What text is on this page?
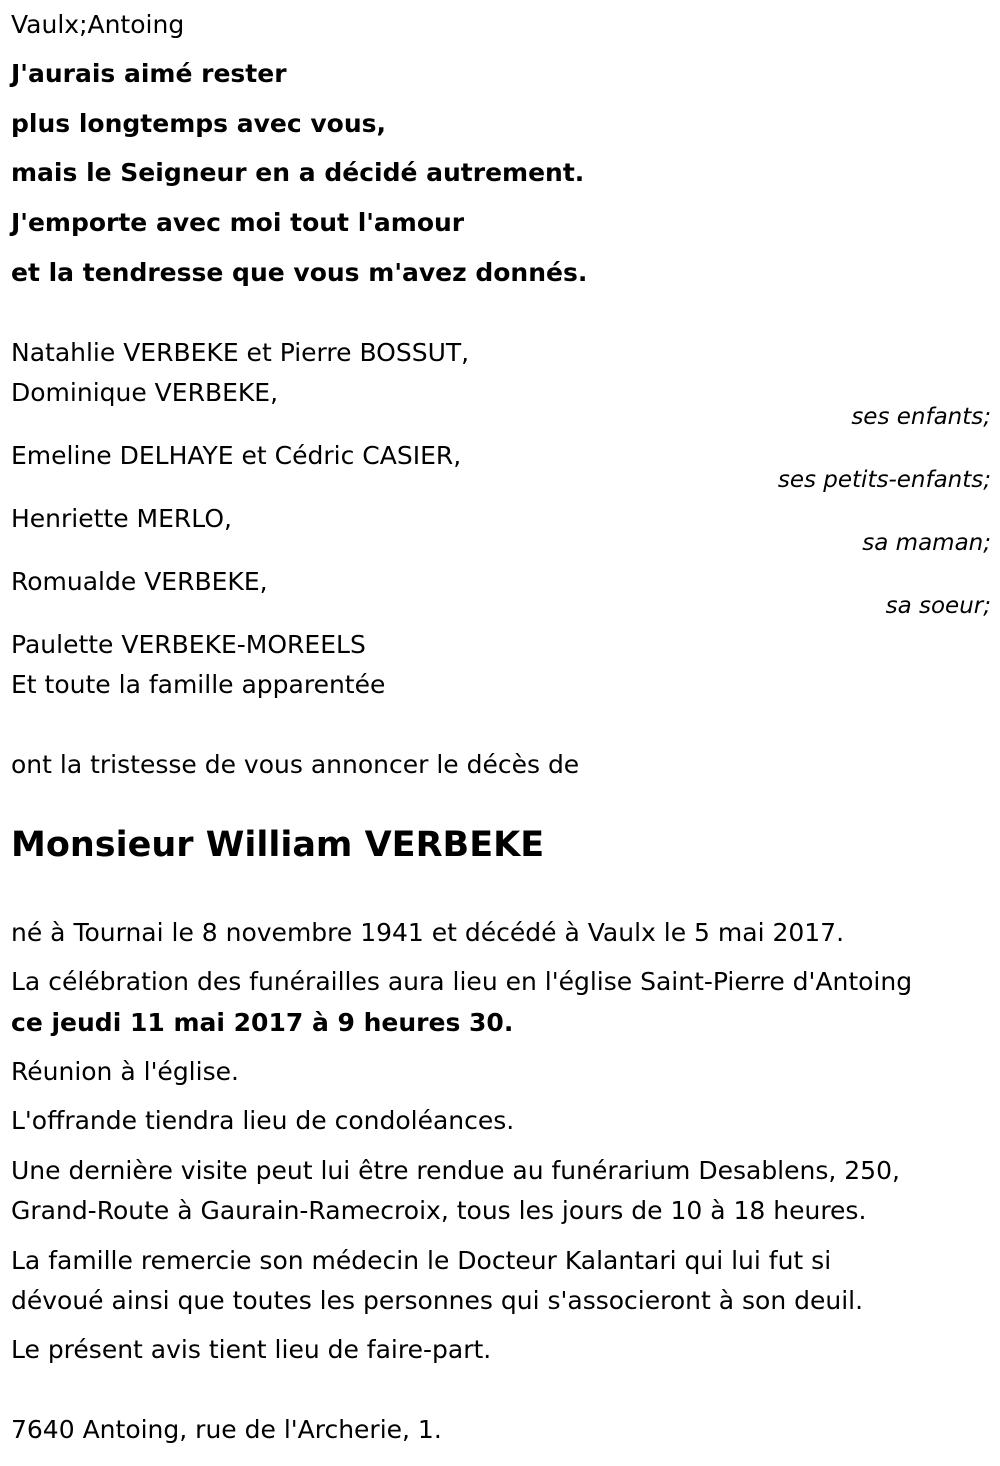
Vaulx;Antoing
J'aurais aimé rester
plus longtemps avec vous,
mais le Seigneur en a décidé autrement.
J'emporte avec moi tout l'amour
et la tendresse que vous m'avez donnés.
Natahlie VERBEKE et Pierre BOSSUT,
Dominique VERBEKE,
ses enfants;
Emeline DELHAYE et Cédric CASIER,
ses petits-enfants;
Henriette MERLO,
sa maman;
Romualde VERBEKE,
sa soeur;
Paulette VERBEKE-MOREELS
Et toute la famille apparentée
ont la tristesse de vous annoncer le décès de
Monsieur William VERBEKE
né à Tournai le 8 novembre 1941 et décédé à Vaulx le 5 mai 2017.
La célébration des funérailles aura lieu en l'église Saint-Pierre d'Antoing
ce jeudi 11 mai 2017 à 9 heures 30.
Réunion à l'église.
L'offrande tiendra lieu de condoléances.
Une dernière visite peut lui être rendue au funérarium Desablens, 250,
Grand-Route à Gaurain-Ramecroix, tous les jours de 10 à 18 heures.
La famille remercie son médecin le Docteur Kalantari qui lui fut si
dévoué ainsi que toutes les personnes qui s'associeront à son deuil.
Le présent avis tient lieu de faire-part.
7640 Antoing, rue de l'Archerie, 1.
